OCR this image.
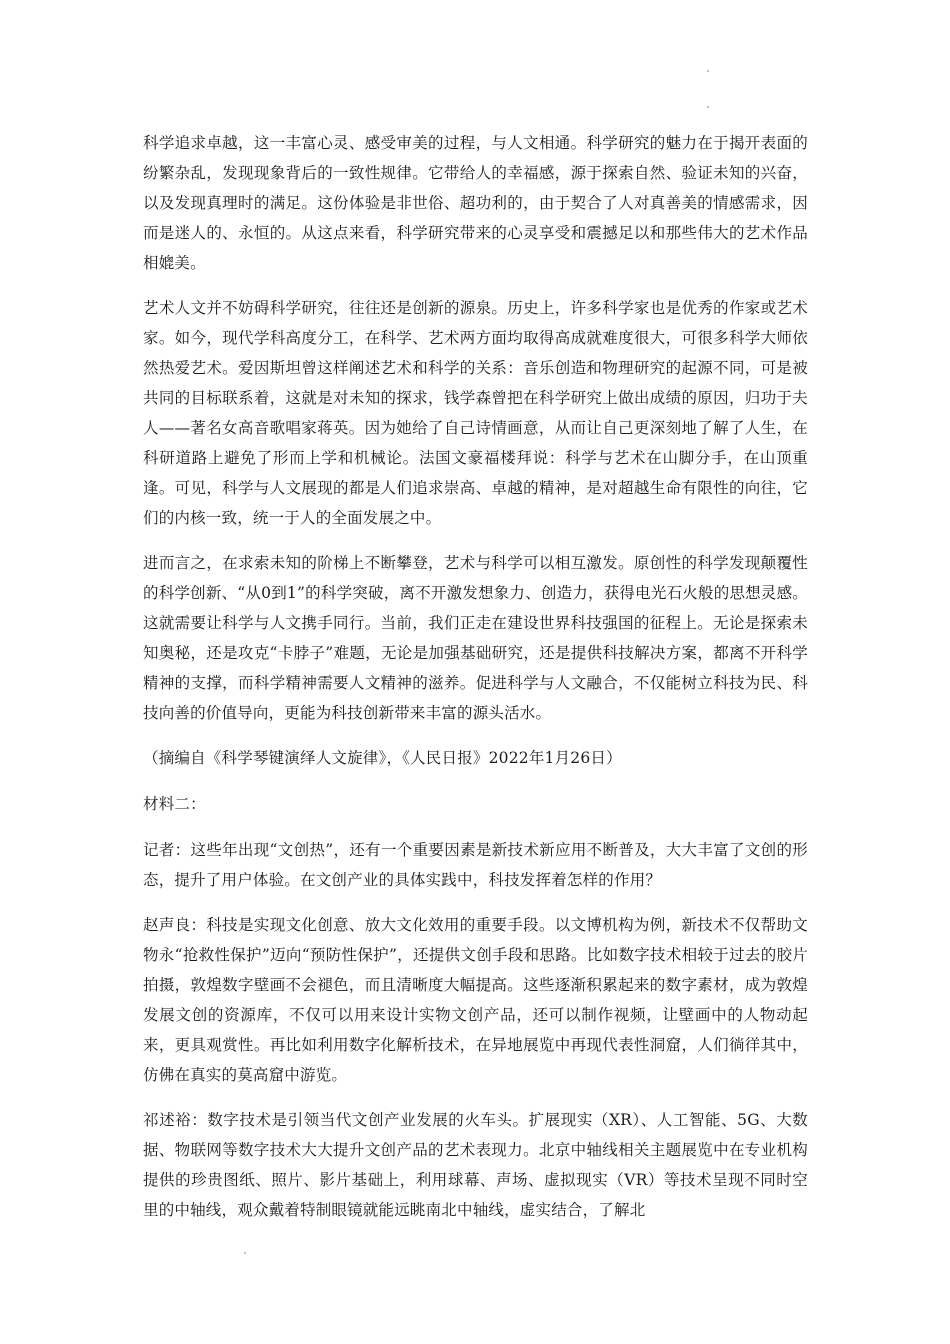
科学追求卓越，这一丰富心灵、感受审美的过程，与人文相通。科学研究的魅力在于揭开表面的纷繁杂乱，发现现象背后的一致性规律。它带给人的幸福感，源于探索自然、验证未知的兴奋，以及发现真理时的满足。这份体验是非世俗、超功利的，由于契合了人对真善美的情感需求，因而是迷人的、永恒的。从这点来看，科学研究带来的心灵享受和震撼足以和那些伟大的艺术作品相媲美。

艺术人文并不妨碍科学研究，往往还是创新的源泉。历史上，许多科学家也是优秀的作家或艺术家。如今，现代学科高度分工，在科学、艺术两方面均取得高成就难度很大，可很多科学大师依然热爱艺术。爱因斯坦曾这样阐述艺术和科学的关系：音乐创造和物理研究的起源不同，可是被共同的目标联系着，这就是对未知的探求，钱学森曾把在科学研究上做出成绩的原因，归功于夫人——著名女高音歌唱家蒋英。因为她给了自己诗情画意，从而让自己更深刻地了解了人生，在科研道路上避免了形而上学和机械论。法国文豪福楼拜说：科学与艺术在山脚分手，在山顶重逢。可见，科学与人文展现的都是人们追求崇高、卓越的精神，是对超越生命有限性的向往，它们的内核一致，统一于人的全面发展之中。

进而言之，在求索未知的阶梯上不断攀登，艺术与科学可以相互激发。原创性的科学发现颠覆性的科学创新、“从0到1”的科学突破，离不开激发想象力、创造力，获得电光石火般的思想灵感。这就需要让科学与人文携手同行。当前，我们正走在建设世界科技强国的征程上。无论是探索未知奥秘，还是攻克“卡脖子”难题，无论是加强基础研究，还是提供科技解决方案，都离不开科学精神的支撑，而科学精神需要人文精神的滋养。促进科学与人文融合，不仅能树立科技为民、科技向善的价值导向，更能为科技创新带来丰富的源头活水。

（摘编自《科学琴键演绎人文旋律》，《人民日报》2022年1月26日）

材料二：

记者：这些年出现“文创热”，还有一个重要因素是新技术新应用不断普及，大大丰富了文创的形态，提升了用户体验。在文创产业的具体实践中，科技发挥着怎样的作用？

赵声良：科技是实现文化创意、放大文化效用的重要手段。以文博机构为例，新技术不仅帮助文物永“抢救性保护”迈向“预防性保护”，还提供文创手段和思路。比如数字技术相较于过去的胶片拍摄，敦煌数字壁画不会褪色，而且清晰度大幅提高。这些逐渐积累起来的数字素材，成为敦煌发展文创的资源库，不仅可以用来设计实物文创产品，还可以制作视频，让壁画中的人物动起来，更具观赏性。再比如利用数字化解析技术，在异地展览中再现代表性洞窟，人们徜徉其中，仿佛在真实的莫高窟中游览。

祁述裕：数字技术是引领当代文创产业发展的火车头。扩展现实（XR）、人工智能、5G、大数据、物联网等数字技术大大提升文创产品的艺术表现力。北京中轴线相关主题展览中在专业机构提供的珍贵图纸、照片、影片基础上，利用球幕、声场、虚拟现实（VR）等技术呈现不同时空里的中轴线，观众戴着特制眼镜就能远眺南北中轴线，虚实结合，了解北
